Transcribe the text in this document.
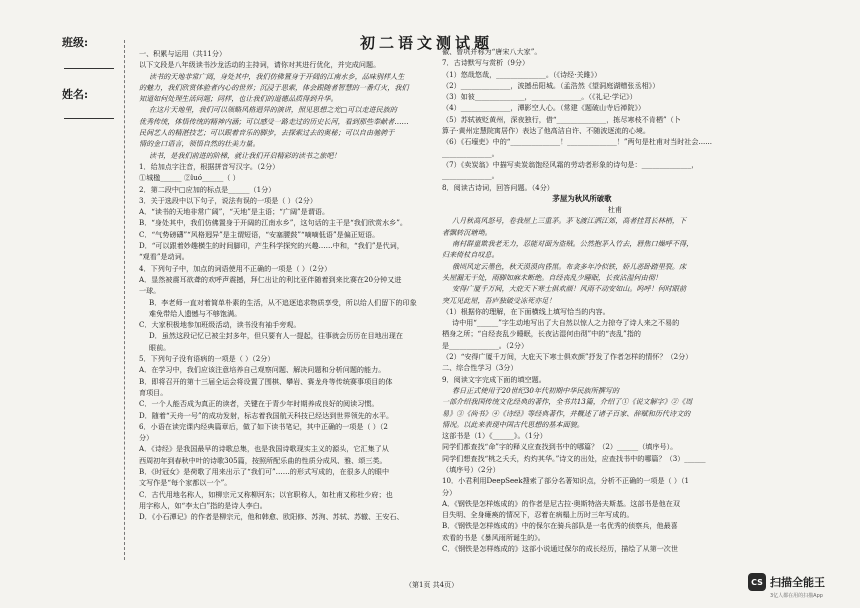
班级:
姓名:
初二语文测试题
一、积累与运用（共11分）
以下文段是八年级读书沙龙活动的主持词，请你对其进行优化，并完成问题。
读书的天地非常广阔，身处其中，我们仿佛置身于开阔的江南水乡，品味别样人生
的魅力，我们欣赏体验者内心的世界；沉浸于思索，体会跟随者智慧的一番灯火，我们
知道如何处理生活问题；同样，也让我们的道德品质得到升华。
在这片天地里，我们可以领略风格迥异的演讲，照见思想之光□可以走进民族的
优秀传统，体悟传统的精神内涵；可以感受一路走过的历史长河，看到那些奉献者……
民间艺人的精湛技艺；可以跟着音乐的脚步，去探索过去的奥秘；可以自由驰骋于
情的金口语言，领悟自然的壮美力量。
读书，是我们前进的阶梯，就让我们开启精彩的读书之旅吧！
1．给加点字注音，根据拼音写汉字。（2分）
①城楹______ ②luó______（ ）
2．第二段中□应加的标点是______（1分）
3．关于选段中以下句子，说法有误的一项是（ ）（2分）
A．“读书的天地非常广阔”，“天地”是主语；“广阔”是谓语。
B．“身处其中，我们仿佛置身于开阔的江南水乡”，这句话的主干是“我们欣赏水乡”。
C．“气势磅礴”“风格迥异”是主谓短语，“安塞腰鼓”“嘀嘀低语”是偏正短语。
D．“可以跟着妙趣横生的时间脚印，产生科学探究的兴趣……中和，“我们”是代词，
“观看”是动词。
4．下列句子中，加点的词语使用不正确的一项是（ ）（2分）
A．显然被震耳欲聋的欢呼声震撼，拜仁出让的利比亚伴随着到来比赛在20分钟又进
一球。
B．李老师一直对着简单朴素的生活，从不追逐追求物质享受，所以给人们留下的印象
难免带给人遗憾与不够饱满。
C．大家积极地参加班级活动，读书没有袖手旁观。
D．虽然这段记忆已被尘封多年，但只要有人一提起，往事就会历历在目地出现在
眼前。
5．下列句子没有语病的一项是（ ）（2分）
A．在学习中，我们应该注意培养自己观察问题、解决问题和分析问题的能力。
B．即将召开的第十三届全运会将设置了围棋、攀岩、赛龙舟等传统赛事项目的体
育项目。
C．一个人能否成为真正的读者，关键在于青少年时期养成良好的阅读习惯。
D．随着“天舟一号”的成功发射，标志着我国航天科技已经达到世界领先的水平。
6．小语在读完课内经典篇章后，做了如下读书笔记，其中正确的一项是（ ）（2
分）
A．《诗经》是我国最早的诗歌总集，也是我国诗歌现实主义的源头，它汇集了从
西周初年到春秋中叶的诗歌305篇，按照所配乐曲的性质分成风、雅、颂三类。
B．《时冠女》是荷歌了用来出示了“我们可”……的形式写成的，在很多人的眼中
文写作是“每个家都以一个”。
C．古代用地名称人，如柳宗元又称柳河东；以官职称人，如杜甫又称杜少府；也
用字称人，如“李太白”指的是诗人李白。
D．《小石潭记》的作者是柳宗元，他和韩愈、欧阳修、苏洵、苏轼、苏辙、王安石、
徽、曾巩并称为“唐宋八大家”。
7．古诗默写与赏析（9分）
（1）悠哉悠哉，______________。（《诗经·关雎》）
（2）______________，波撼岳阳城。（孟浩然《望洞庭湖赠张丞相》）
（3）如彼______________，______________。（《礼记·学记》）
（4）______________，潭影空人心。（常建《题破山寺后禅院》）
（5）苏轼被贬黄州，深夜独行，借“______________，拣尽寒枝不肯栖”（卜
算子·黄州定慧院寓居作）表达了他高洁自许、不随波逐流的心境。
（6）《石壕吏》中的“______________！______________！”两句是杜甫对当时社会......
______________。
（7）《卖炭翁》中描写卖炭翁饱经风霜的劳动者形象的诗句是：______________，
______________。
8．阅读古诗词，回答问题。（4分）
茅屋为秋风所破歌
杜甫
八月秋高风怒号，卷我屋上三重茅。茅飞渡江洒江郊，高者挂罥长林梢，下
者飘转沉塘坳。
南村群童欺我老无力，忍能对面为盗贼。公然抱茅入竹去，唇焦口燥呼不得，
归来倚杖自叹息。
俄顷风定云墨色，秋天漠漠向昏黑。布衾多年冷似铁，娇儿恶卧踏里裂。床
头屋漏无干处，雨脚如麻未断绝。自经丧乱少睡眠，长夜沾湿何由彻！
安得广厦千万间，大庇天下寒士俱欢颜！风雨不动安如山。呜呼！何时眼前
突兀见此屋，吾庐独破受冻死亦足！
（1）根据你的理解，在下面横线上填写恰当的内容。
诗中用“______”字生动地写出了大自然以惊人之力掠夺了诗人来之不易的
栖身之所；“自经丧乱少睡眠，长夜沾湿何由彻”中的“丧乱”指的
是______________。（2分）
（2）“安得广厦千万间，大庇天下寒士俱欢颜”抒发了作者怎样的情怀？（2分）
二、综合性学习（3分）
9．阅读文字完成下面的填空题。
春日正式使用于20世纪30年代初期中华民族所撰写的
一部介绍我国传统文化经典的著作，全书共13篇，介绍了①《说文解字》②《周
易》③《尚书》④《诗经》等经典著作，并概述了诸子百家、辞赋和历代诗文的
情况。以此来表现中国古代思想的基本面貌。
这部书是（1）《______》。（1分）
同学们都查找“命”字的释义应查找到书中的哪篇？（2）______（填序号）。
同学们想查找“桃之夭夭，灼灼其华。”诗文的出处，应查找书中的哪篇？（3）______
（填序号）（2分）
10．小君利用DeepSeek搜索了部分名著知识点，分析不正确的一项是（ ）（1
分）
A．《钢铁是怎样炼成的》的作者是尼古拉·奥斯特洛夫斯基。这部书是他在双
目失明、全身瘫痪的情况下，忍着在病榻上历时三年写成的。
B．《钢铁是怎样炼成的》中的保尔在骑兵部队是一名优秀的侦察兵，他最喜
欢看的书是《暴风雨所诞生的》。
C．《钢铁是怎样炼成的》这部小说通过保尔的成长经历，描绘了从第一次世
（第1页 共4页）	CS 扫描全能王
3亿人都在用的扫描App
